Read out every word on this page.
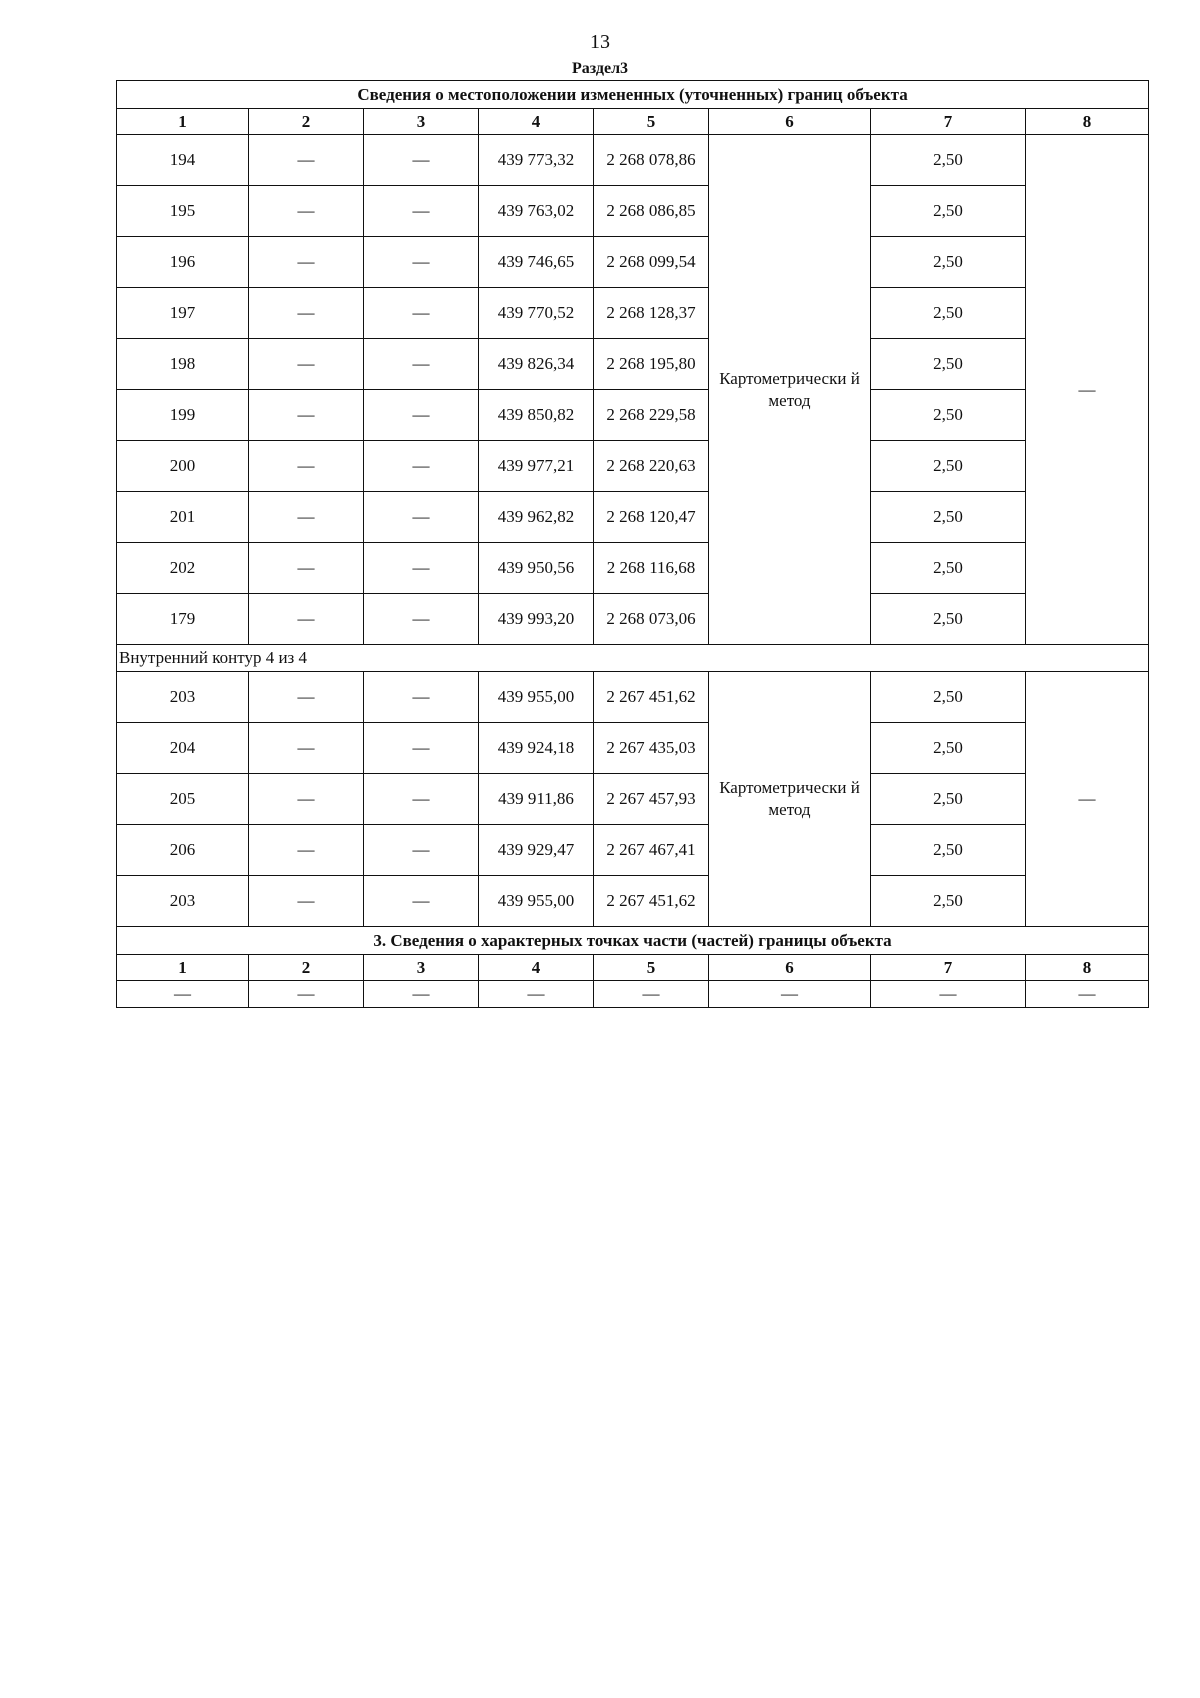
13
Раздел3
Сведения о местоположении измененных (уточненных) границ объекта							
1	2	3	4	5	6	7	8
194	—	—	439 773,32	2 268 078,86	Картометрически й метод	2,50	—
195	—	—	439 763,02	2 268 086,85		2,50	
196	—	—	439 746,65	2 268 099,54		2,50	
197	—	—	439 770,52	2 268 128,37		2,50	
198	—	—	439 826,34	2 268 195,80		2,50	
199	—	—	439 850,82	2 268 229,58		2,50	
200	—	—	439 977,21	2 268 220,63		2,50	
201	—	—	439 962,82	2 268 120,47		2,50	
202	—	—	439 950,56	2 268 116,68		2,50	
179	—	—	439 993,20	2 268 073,06		2,50	
Внутренний контур 4 из 4							
203	—	—	439 955,00	2 267 451,62	Картометрически й метод	2,50	—
204	—	—	439 924,18	2 267 435,03		2,50	
205	—	—	439 911,86	2 267 457,93		2,50	
206	—	—	439 929,47	2 267 467,41		2,50	
203	—	—	439 955,00	2 267 451,62		2,50	
3. Сведения о характерных точках части (частей) границы объекта							
1	2	3	4	5	6	7	8
—	—	—	—	—	—	—	—
